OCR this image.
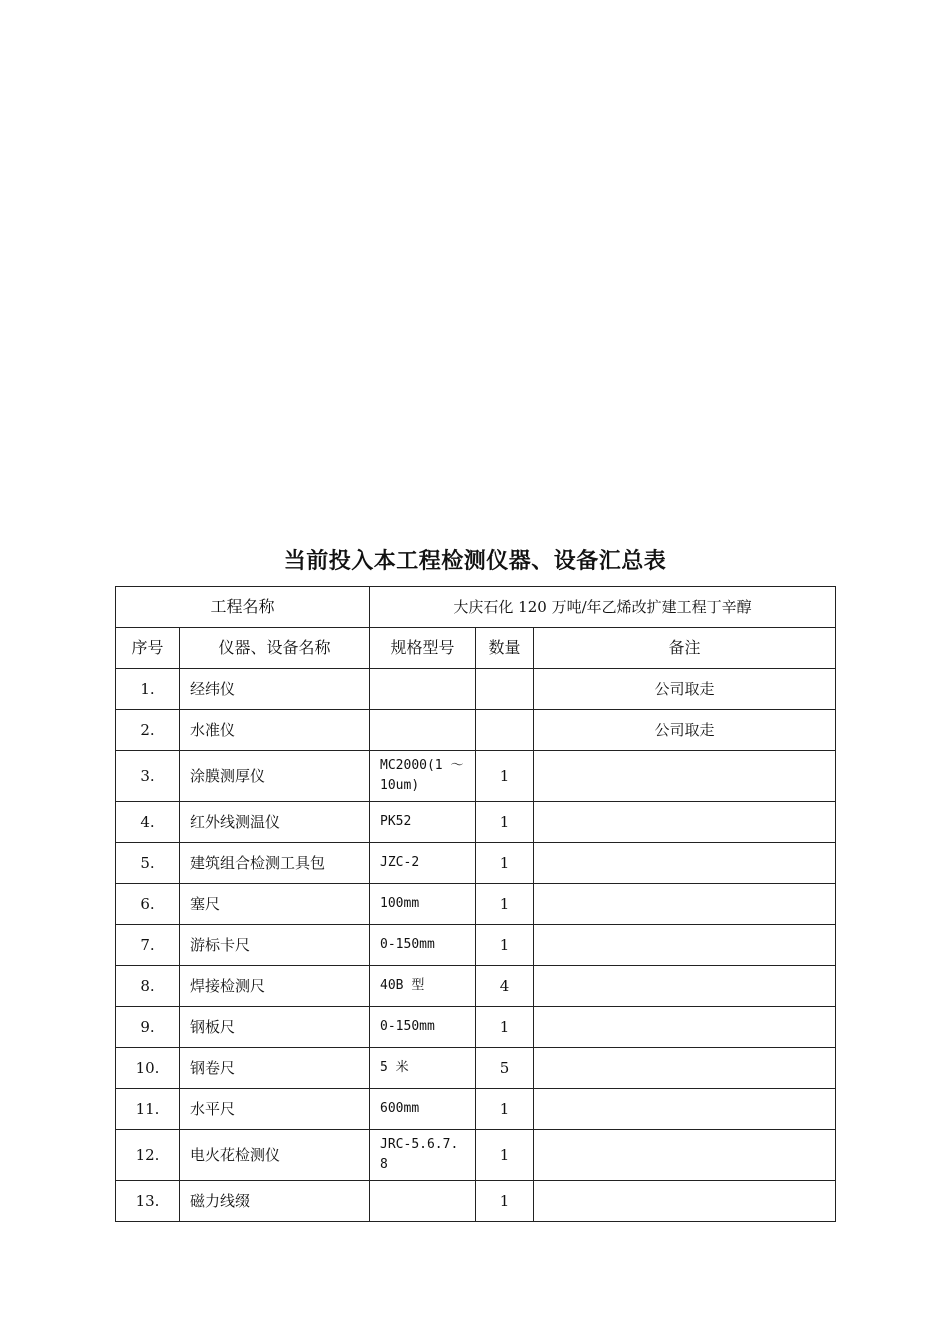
当前投入本工程检测仪器、设备汇总表
工程名称		大庆石化 120 万吨/年乙烯改扩建工程丁辛醇		
序号	仪器、设备名称	规格型号	数量	备注
1.	经纬仪			公司取走
2.	水准仪			公司取走
3.	涂膜测厚仪	MC2000(1 ～ 10um)	1	
4.	红外线测温仪	PK52	1	
5.	建筑组合检测工具包	JZC-2	1	
6.	塞尺	100mm	1	
7.	游标卡尺	0-150mm	1	
8.	焊接检测尺	40B 型	4	
9.	钢板尺	0-150mm	1	
10.	钢卷尺	5 米	5	
11.	水平尺	600mm	1	
12.	电火花检测仪	JRC-5.6.7.8	1	
13.	磁力线缀		1	
